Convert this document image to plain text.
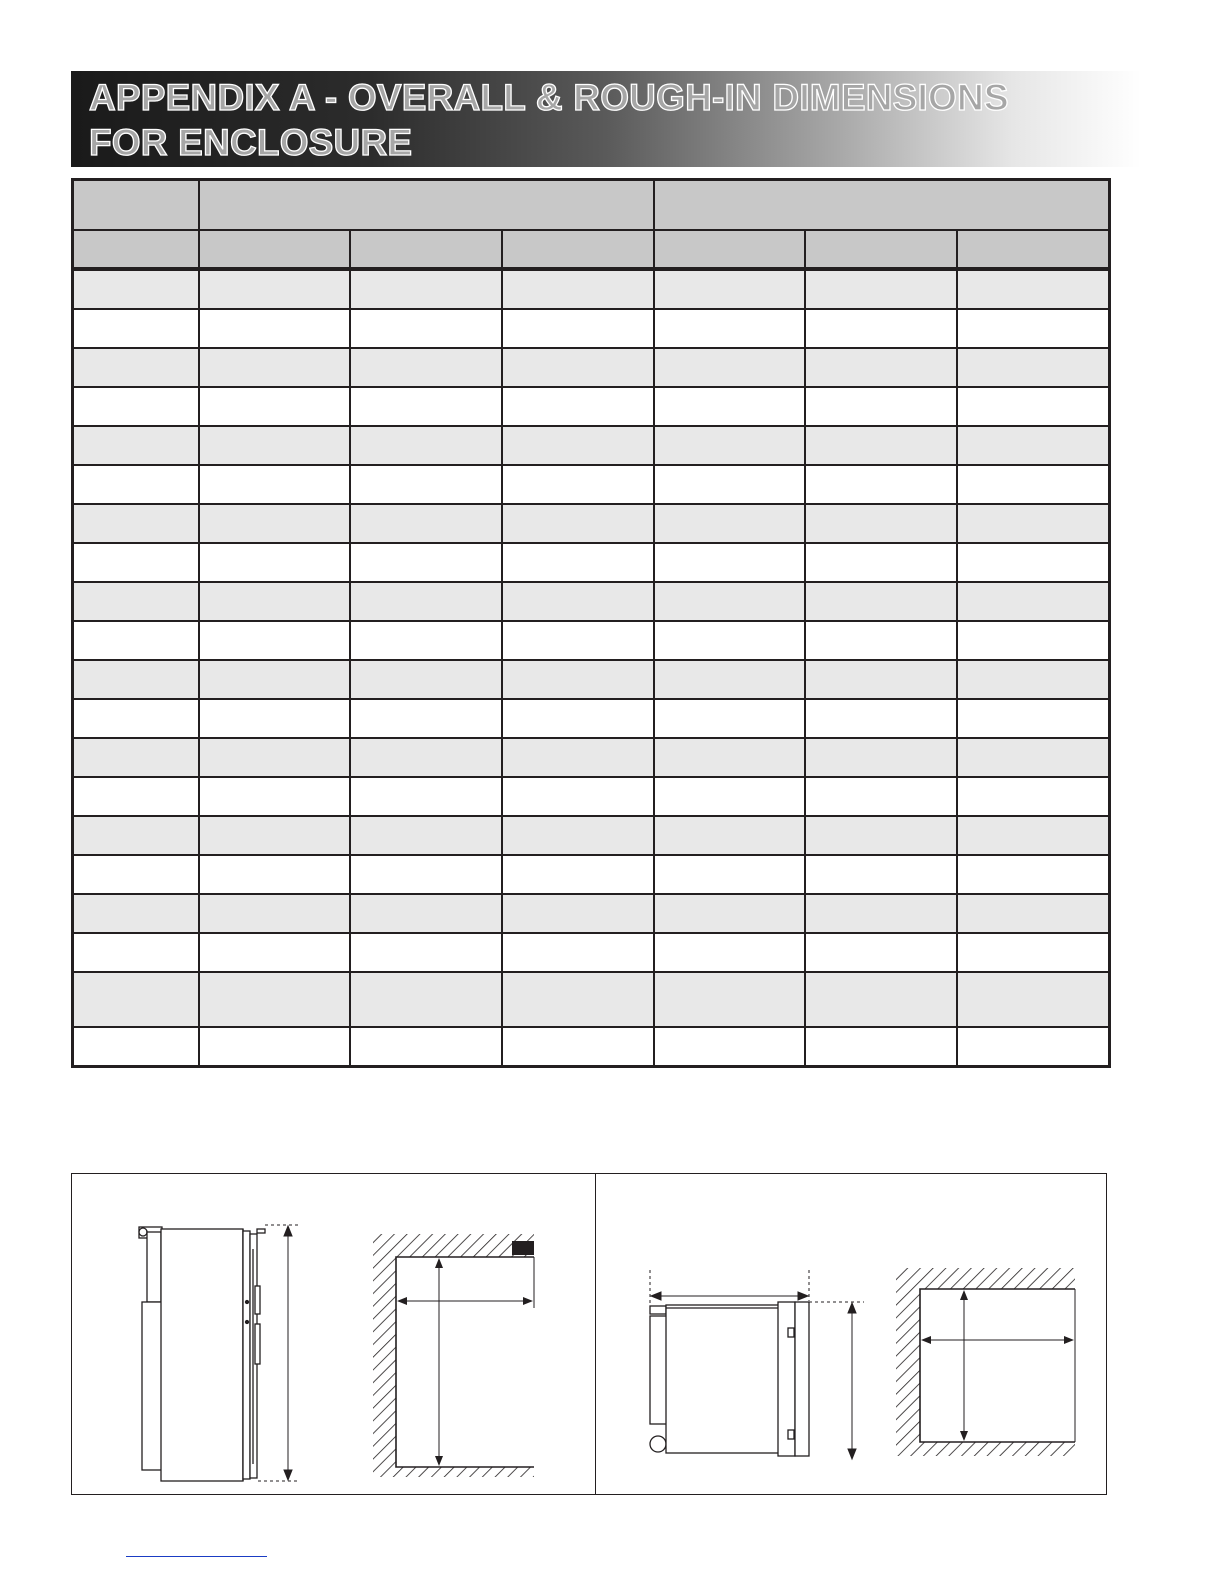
APPENDIX A - OVERALL & ROUGH-IN DIMENSIONS
FOR ENCLOSURE
